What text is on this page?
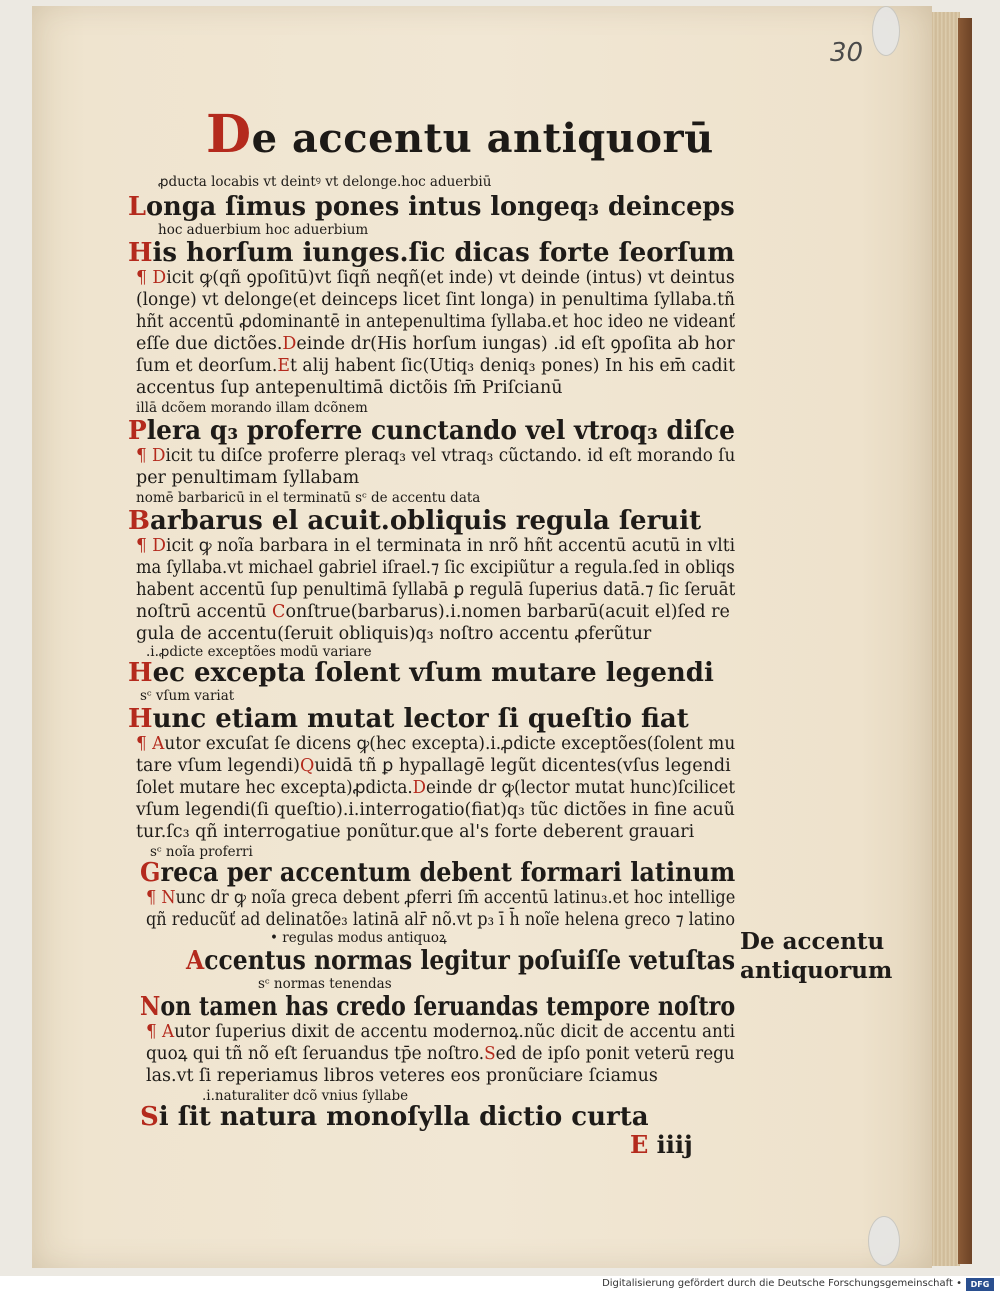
30
De accentu antiquorū
ꝓducta locabis vt deintꝰ vt delonge.hoc aduerbiū
Longa ſimus pones intus longeq₃ deinceps
hoc aduerbium hoc aduerbium
His horſum iunges.ſic dicas forte ſeorſum
¶ Dicit ꝙ(qñ ꝯpoſitū)vt ſiqñ neqñ(et inde) vt deinde (intus) vt deintus
(longe) vt delonge(et deinceps licet ſint longa) in penultima ſyllaba.tñ
hñt accentū ꝓdominantē in antepenultima ſyllaba.et hoc ideo ne videanť
eſſe due dictões.Deinde dr(His horſum iungas) .id eſt ꝯpoſita ab hor
ſum et deorſum.Et alij habent ſic(Utiq₃ deniq₃ pones) In his em̄ cadit
accentus ſup antepenultimā dictõis ſm̄ Priſcianū
illā dcõem morando illam dcõnem
Plera q₃ proferre cunctando vel vtroq₃ diſce
¶ Dicit tu diſce proferre pleraq₃ vel vtraq₃ cũctando. id eſt morando ſu
per penultimam ſyllabam
nomē barbaricū in el terminatū sᶜ de accentu data
Barbarus el acuit.obliquis regula ſeruit
¶ Dicit ꝙ noĩa barbara in el terminata in nrõ hñt accentū acutū in vlti
ma ſyllaba.vt michael gabriel iſrael.⁊ ſic excipiũtur a regula.ſed in obliqs
habent accentū ſup penultimā ſyllabā ꝑ regulā ſuperius datā.⁊ ſic ſeruāt
noſtrū accentū Conſtrue(barbarus).i.nomen barbarū(acuit el)ſed re
gula de accentu(ſeruit obliquis)q₃ noſtro accentu ꝓferũtur
.i.ꝓdicte exceptões modū variare
Hec excepta ſolent vſum mutare legendi
sᶜ vſum variat
Hunc etiam mutat lector ſi queſtio fiat
¶ Autor excuſat ſe dicens ꝙ(hec excepta).i.ꝓdicte exceptões(ſolent mu
tare vſum legendi)Quidā tñ ꝑ hypallagē legũt dicentes(vſus legendi
ſolet mutare hec excepta)ꝓdicta.Deinde dr ꝙ(lector mutat hunc)ſcilicet
vſum legendi(ſi queſtio).i.interrogatio(fiat)q₃ tũc dictões in fine acuũ
tur.ſc₃ qñ interrogatiue ponũtur.que al's forte deberent grauari
sᶜ noĩa proferri
Greca per accentum debent formari latinum
¶ Nunc dr ꝙ noĩa greca debent ꝓferri ſm̄ accentū latinu₃.et hoc intellige
qñ reducũť ad delinatõe₃ latinā alr̄ nõ.vt p₃ ī h̄ noĩe helena greco ⁊ latino
• regulas modus antiquoꝝ
Accentus normas legitur poſuiſſe vetuſtas
sᶜ normas tenendas
Non tamen has credo ſeruandas tempore noſtro
¶ Autor ſuperius dixit de accentu modernoꝝ.nũc dicit de accentu anti
quoꝝ qui tñ nõ eſt ſeruandus tp̄e noſtro.Sed de ipſo ponit veterū regu
las.vt ſi reperiamus libros veteres eos pronũciare ſciamus
.i.naturaliter dcõ vnius ſyllabe
Si ſit natura monoſylla dictio curta
De accentu
antiquorum
E iiij
Digitalisierung gefördert durch die Deutsche Forschungsgemeinschaft •	DFG
